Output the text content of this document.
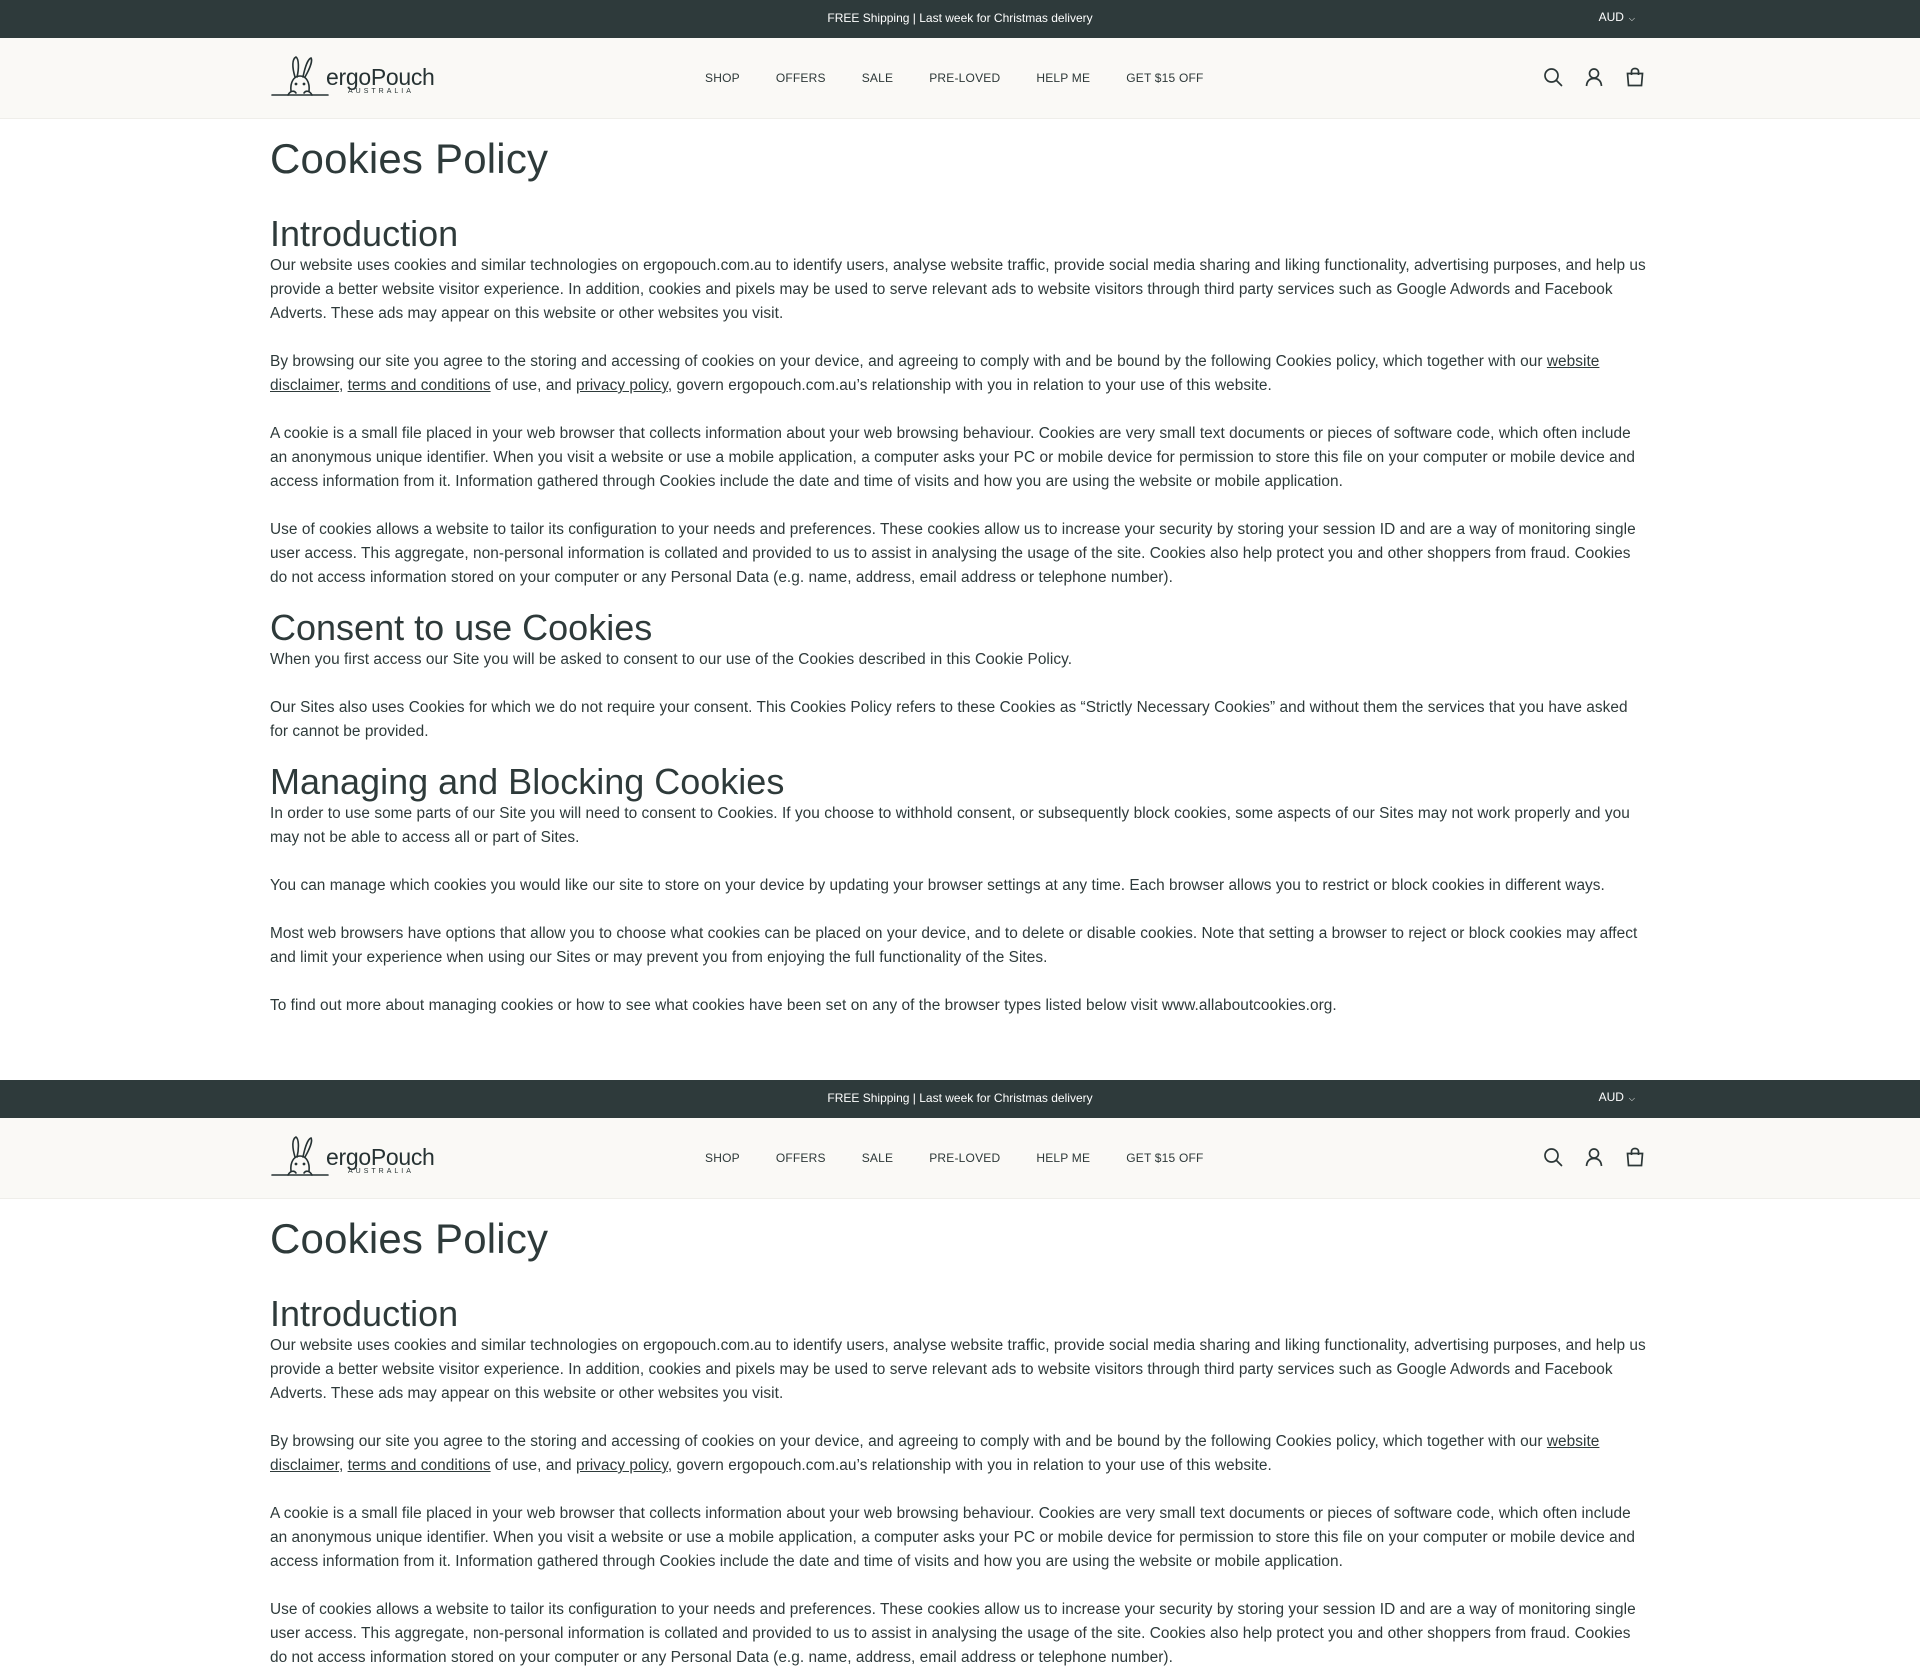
FREE Shipping | Last week for Christmas delivery	AUD ⌵
ergoPouch
AUSTRALIA
SHOP	OFFERS	SALE	PRE-LOVED	HELP ME	GET $15 OFF
Cookies Policy
Introduction

Our website uses cookies and similar technologies on ergopouch.com.au to identify users, analyse website traffic, provide social media sharing and liking functionality, advertising purposes, and help us provide a better website visitor experience. In addition, cookies and pixels may be used to serve relevant ads to website visitors through third party services such as Google Adwords and Facebook Adverts. These ads may appear on this website or other websites you visit.

By browsing our site you agree to the storing and accessing of cookies on your device, and agreeing to comply with and be bound by the following Cookies policy, which together with our website disclaimer, terms and conditions of use, and privacy policy, govern ergopouch.com.au’s relationship with you in relation to your use of this website.

A cookie is a small file placed in your web browser that collects information about your web browsing behaviour. Cookies are very small text documents or pieces of software code, which often include an anonymous unique identifier. When you visit a website or use a mobile application, a computer asks your PC or mobile device for permission to store this file on your computer or mobile device and access information from it. Information gathered through Cookies include the date and time of visits and how you are using the website or mobile application.

Use of cookies allows a website to tailor its configuration to your needs and preferences. These cookies allow us to increase your security by storing your session ID and are a way of monitoring single user access. This aggregate, non-personal information is collated and provided to us to assist in analysing the usage of the site. Cookies also help protect you and other shoppers from fraud. Cookies do not access information stored on your computer or any Personal Data (e.g. name, address, email address or telephone number).

Consent to use Cookies

When you first access our Site you will be asked to consent to our use of the Cookies described in this Cookie Policy.

Our Sites also uses Cookies for which we do not require your consent. This Cookies Policy refers to these Cookies as “Strictly Necessary Cookies” and without them the services that you have asked for cannot be provided.

Managing and Blocking Cookies

In order to use some parts of our Site you will need to consent to Cookies. If you choose to withhold consent, or subsequently block cookies, some aspects of our Sites may not work properly and you may not be able to access all or part of Sites.

You can manage which cookies you would like our site to store on your device by updating your browser settings at any time. Each browser allows you to restrict or block cookies in different ways.

Most web browsers have options that allow you to choose what cookies can be placed on your device, and to delete or disable cookies. Note that setting a browser to reject or block cookies may affect and limit your experience when using our Sites or may prevent you from enjoying the full functionality of the Sites.

To find out more about managing cookies or how to see what cookies have been set on any of the browser types listed below visit www.allaboutcookies.org.

FREE Shipping | Last week for Christmas delivery	AUD ⌵
ergoPouch
AUSTRALIA
SHOP	OFFERS	SALE	PRE-LOVED	HELP ME	GET $15 OFF
Cookies Policy
Introduction

Our website uses cookies and similar technologies on ergopouch.com.au to identify users, analyse website traffic, provide social media sharing and liking functionality, advertising purposes, and help us provide a better website visitor experience. In addition, cookies and pixels may be used to serve relevant ads to website visitors through third party services such as Google Adwords and Facebook Adverts. These ads may appear on this website or other websites you visit.

By browsing our site you agree to the storing and accessing of cookies on your device, and agreeing to comply with and be bound by the following Cookies policy, which together with our website disclaimer, terms and conditions of use, and privacy policy, govern ergopouch.com.au’s relationship with you in relation to your use of this website.

A cookie is a small file placed in your web browser that collects information about your web browsing behaviour. Cookies are very small text documents or pieces of software code, which often include an anonymous unique identifier. When you visit a website or use a mobile application, a computer asks your PC or mobile device for permission to store this file on your computer or mobile device and access information from it. Information gathered through Cookies include the date and time of visits and how you are using the website or mobile application.

Use of cookies allows a website to tailor its configuration to your needs and preferences. These cookies allow us to increase your security by storing your session ID and are a way of monitoring single user access. This aggregate, non-personal information is collated and provided to us to assist in analysing the usage of the site. Cookies also help protect you and other shoppers from fraud. Cookies do not access information stored on your computer or any Personal Data (e.g. name, address, email address or telephone number).
